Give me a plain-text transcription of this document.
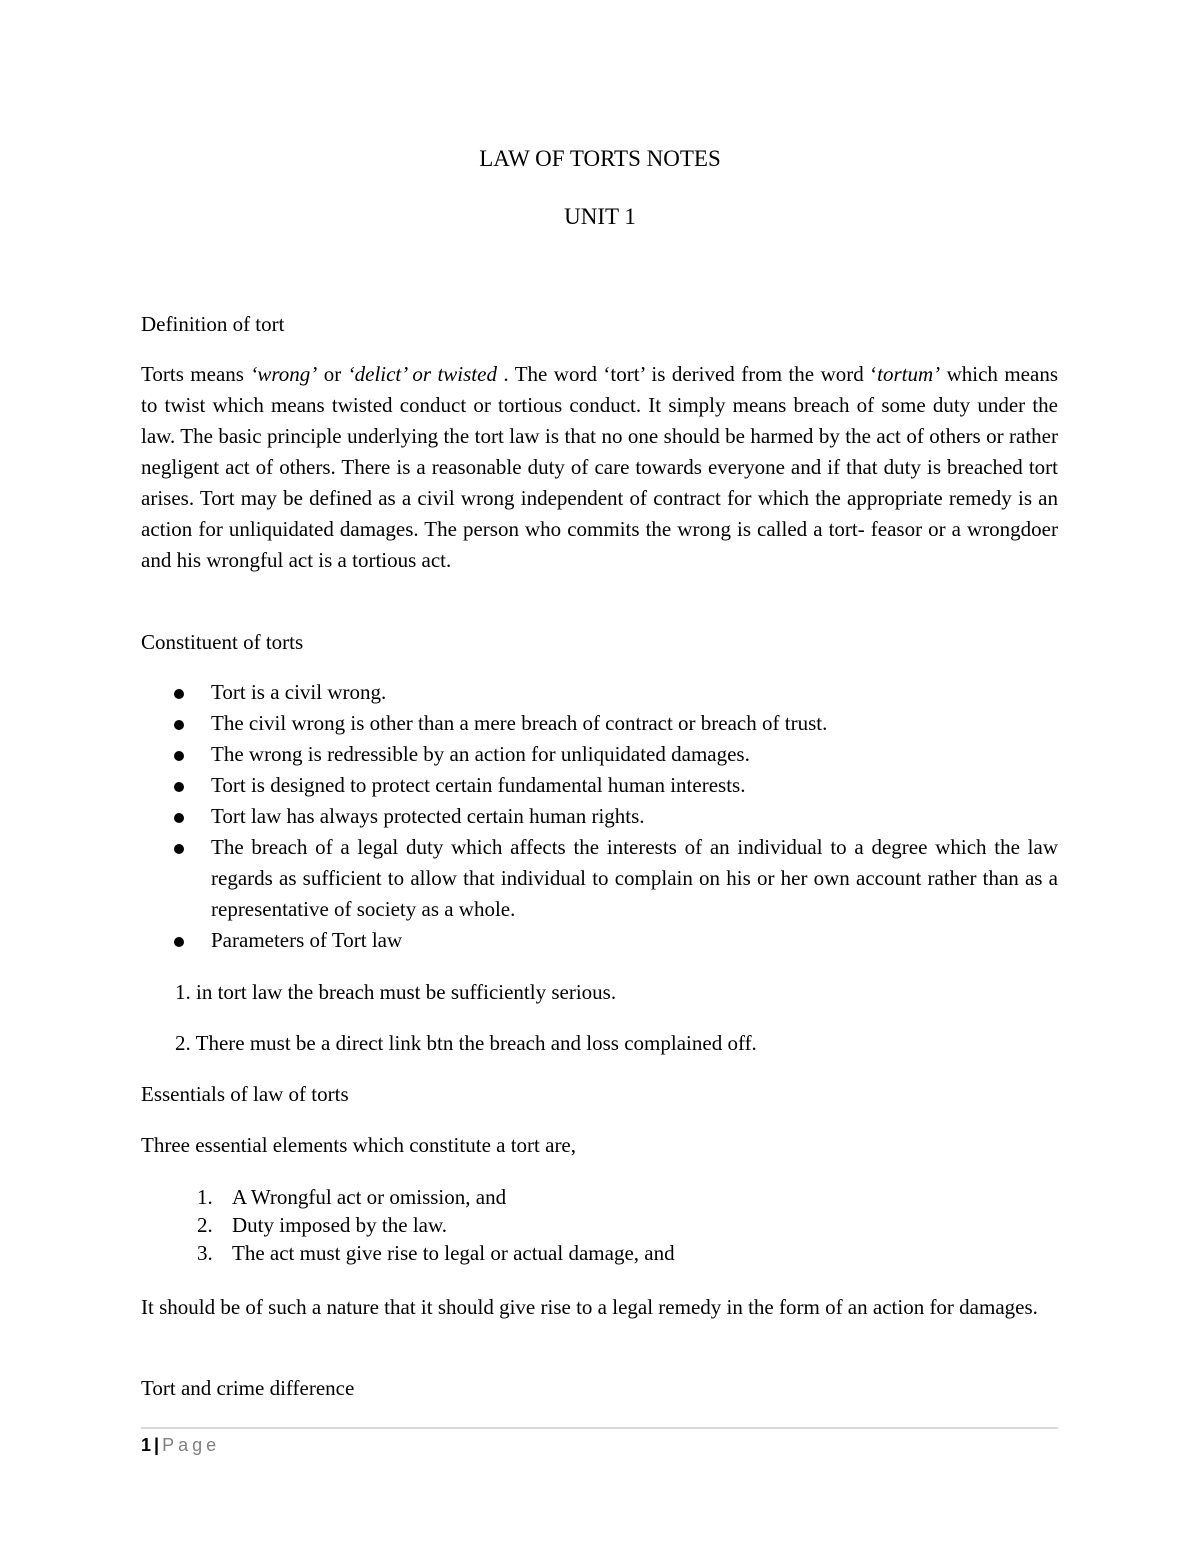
LAW OF TORTS NOTES
UNIT 1

Definition of tort

Torts means ‘wrong’ or ‘delict’ or twisted . The word ‘tort’ is derived from the word ‘tortum’ which means to twist which means twisted conduct or tortious conduct. It simply means breach of some duty under the law. The basic principle underlying the tort law is that no one should be harmed by the act of others or rather negligent act of others. There is a reasonable duty of care towards everyone and if that duty is breached tort arises. Tort may be defined as a civil wrong independent of contract for which the appropriate remedy is an action for unliquidated damages. The person who commits the wrong is called a tort- feasor or a wrongdoer and his wrongful act is a tortious act.

Constituent of torts

Tort is a civil wrong.
The civil wrong is other than a mere breach of contract or breach of trust.
The wrong is redressible by an action for unliquidated damages.
Tort is designed to protect certain fundamental human interests.
Tort law has always protected certain human rights.
The breach of a legal duty which affects the interests of an individual to a degree which the law regards as sufficient to allow that individual to complain on his or her own account rather than as a representative of society as a whole.
Parameters of Tort law

1. in tort law the breach must be sufficiently serious.

2. There must be a direct link btn the breach and loss complained off.

Essentials of law of torts

Three essential elements which constitute a tort are,

1. A Wrongful act or omission, and
2. Duty imposed by the law.
3. The act must give rise to legal or actual damage, and

It should be of such a nature that it should give rise to a legal remedy in the form of an action for damages.

Tort and crime difference

1 | Page
